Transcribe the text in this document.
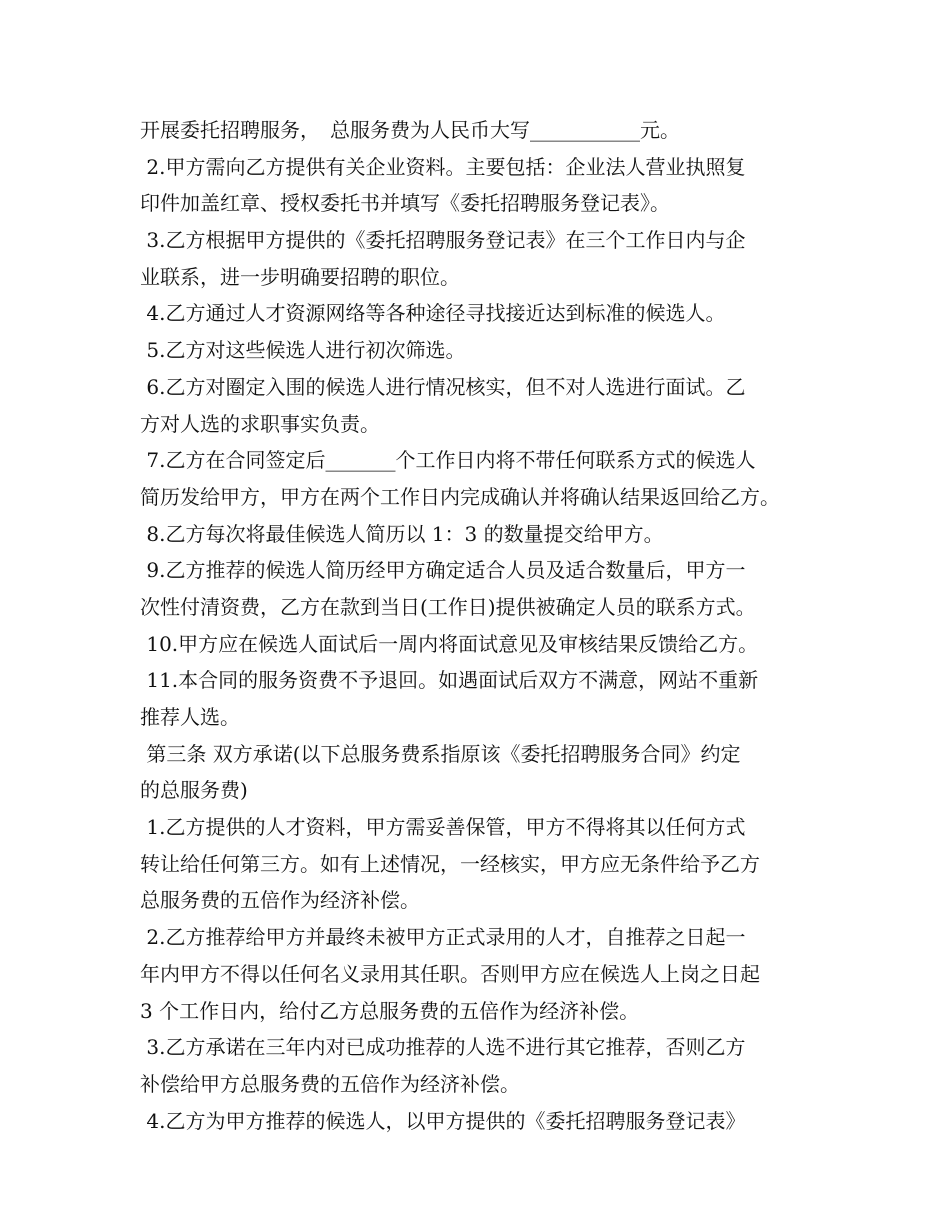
开展委托招聘服务，　总服务费为人民币大写___________元。
2.甲方需向乙方提供有关企业资料。主要包括：企业法人营业执照复
印件加盖红章、授权委托书并填写《委托招聘服务登记表》。
3.乙方根据甲方提供的《委托招聘服务登记表》在三个工作日内与企
业联系，进一步明确要招聘的职位。
4.乙方通过人才资源网络等各种途径寻找接近达到标准的候选人。
5.乙方对这些候选人进行初次筛选。
6.乙方对圈定入围的候选人进行情况核实，但不对人选进行面试。乙
方对人选的求职事实负责。
7.乙方在合同签定后_______个工作日内将不带任何联系方式的候选人
简历发给甲方，甲方在两个工作日内完成确认并将确认结果返回给乙方。
8.乙方每次将最佳候选人简历以 1：3 的数量提交给甲方。
9.乙方推荐的候选人简历经甲方确定适合人员及适合数量后，甲方一
次性付清资费，乙方在款到当日(工作日)提供被确定人员的联系方式。
10.甲方应在候选人面试后一周内将面试意见及审核结果反馈给乙方。
11.本合同的服务资费不予退回。如遇面试后双方不满意，网站不重新
推荐人选。
第三条 双方承诺(以下总服务费系指原该《委托招聘服务合同》约定
的总服务费)
1.乙方提供的人才资料，甲方需妥善保管，甲方不得将其以任何方式
转让给任何第三方。如有上述情况，一经核实，甲方应无条件给予乙方
总服务费的五倍作为经济补偿。
2.乙方推荐给甲方并最终未被甲方正式录用的人才，自推荐之日起一
年内甲方不得以任何名义录用其任职。否则甲方应在候选人上岗之日起
3 个工作日内，给付乙方总服务费的五倍作为经济补偿。
3.乙方承诺在三年内对已成功推荐的人选不进行其它推荐，否则乙方
补偿给甲方总服务费的五倍作为经济补偿。
4.乙方为甲方推荐的候选人，以甲方提供的《委托招聘服务登记表》
